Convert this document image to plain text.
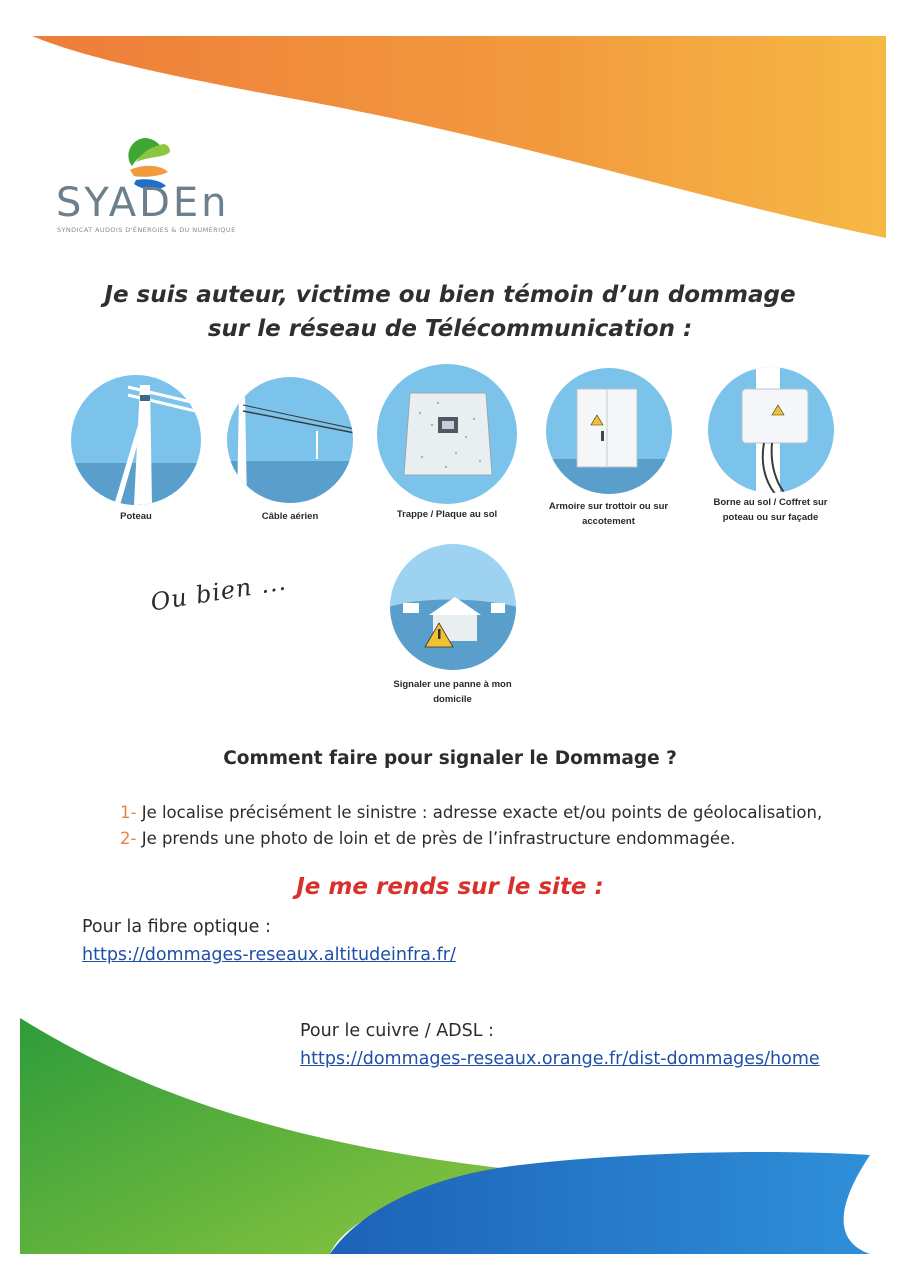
SYADEn
SYNDICAT AUDOIS D'ÉNERGIES & DU NUMÉRIQUE
Je suis auteur, victime ou bien témoin d’un dommage
sur le réseau de Télécommunication :
Poteau	Câble aérien	Trappe / Plaque au sol
Armoire sur trottoir ou sur
accotement
Borne au sol / Coffret sur
poteau ou sur façade
Ou bien ...
Signaler une panne à mon
domicile
Comment faire pour signaler le Dommage ?
1- Je localise précisément le sinistre : adresse exacte et/ou points de géolocalisation,
2- Je prends une photo de loin et de près de l’infrastructure endommagée.
Je me rends sur le site :
Pour la fibre optique :
https://dommages-reseaux.altitudeinfra.fr/
Pour le cuivre / ADSL :
https://dommages-reseaux.orange.fr/dist-dommages/home
